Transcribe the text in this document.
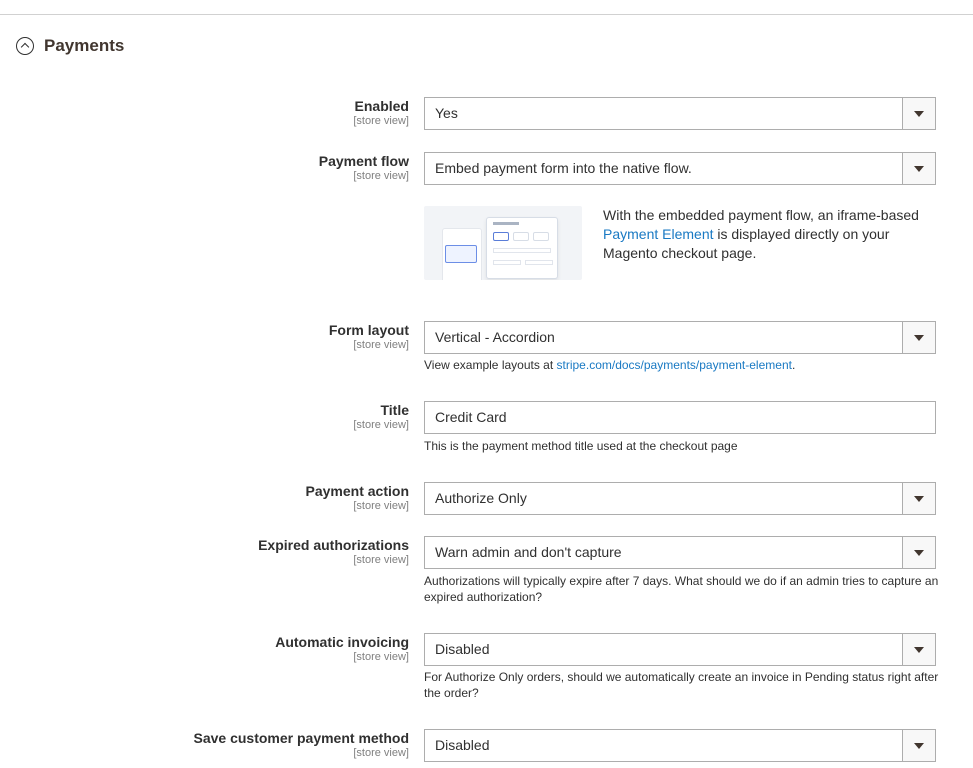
Payments
Enabled
[store view] Yes
Payment flow
[store view] Embed payment form into the native flow.
With the embedded payment flow, an iframe-based Payment Element is displayed directly on your Magento checkout page.
Form layout
[store view] Vertical - Accordion
View example layouts at stripe.com/docs/payments/payment-element.
Title
[store view] Credit Card
This is the payment method title used at the checkout page
Payment action
[store view] Authorize Only
Expired authorizations
[store view] Warn admin and don't capture
Authorizations will typically expire after 7 days. What should we do if an admin tries to capture an expired authorization?
Automatic invoicing
[store view] Disabled
For Authorize Only orders, should we automatically create an invoice in Pending status right after the order?
Save customer payment method
[store view] Disabled
